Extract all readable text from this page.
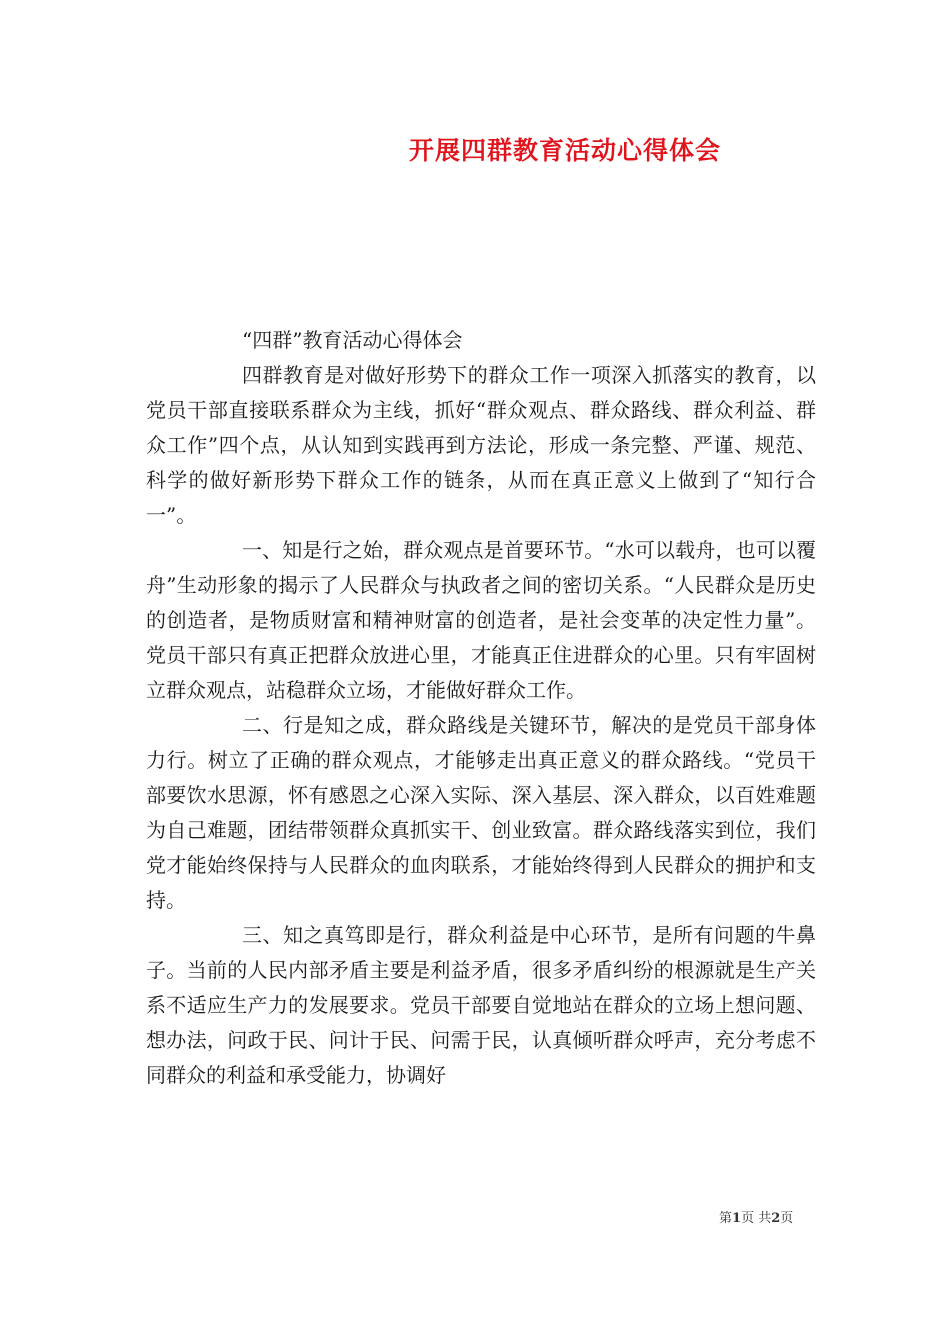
开展四群教育活动心得体会

“四群”教育活动心得体会

四群教育是对做好形势下的群众工作一项深入抓落实的教育，以党员干部直接联系群众为主线，抓好“群众观点、群众路线、群众利益、群众工作”四个点，从认知到实践再到方法论，形成一条完整、严谨、规范、科学的做好新形势下群众工作的链条，从而在真正意义上做到了“知行合一”。

一、知是行之始，群众观点是首要环节。“水可以载舟，也可以覆舟”生动形象的揭示了人民群众与执政者之间的密切关系。“人民群众是历史的创造者，是物质财富和精神财富的创造者，是社会变革的决定性力量”。党员干部只有真正把群众放进心里，才能真正住进群众的心里。只有牢固树立群众观点，站稳群众立场，才能做好群众工作。

二、行是知之成，群众路线是关键环节，解决的是党员干部身体力行。树立了正确的群众观点，才能够走出真正意义的群众路线。“党员干部要饮水思源，怀有感恩之心深入实际、深入基层、深入群众，以百姓难题为自己难题，团结带领群众真抓实干、创业致富。群众路线落实到位，我们党才能始终保持与人民群众的血肉联系，才能始终得到人民群众的拥护和支持。

三、知之真笃即是行，群众利益是中心环节，是所有问题的牛鼻子。当前的人民内部矛盾主要是利益矛盾，很多矛盾纠纷的根源就是生产关系不适应生产力的发展要求。党员干部要自觉地站在群众的立场上想问题、想办法，问政于民、问计于民、问需于民，认真倾听群众呼声，充分考虑不同群众的利益和承受能力，协调好

第1页 共2页
